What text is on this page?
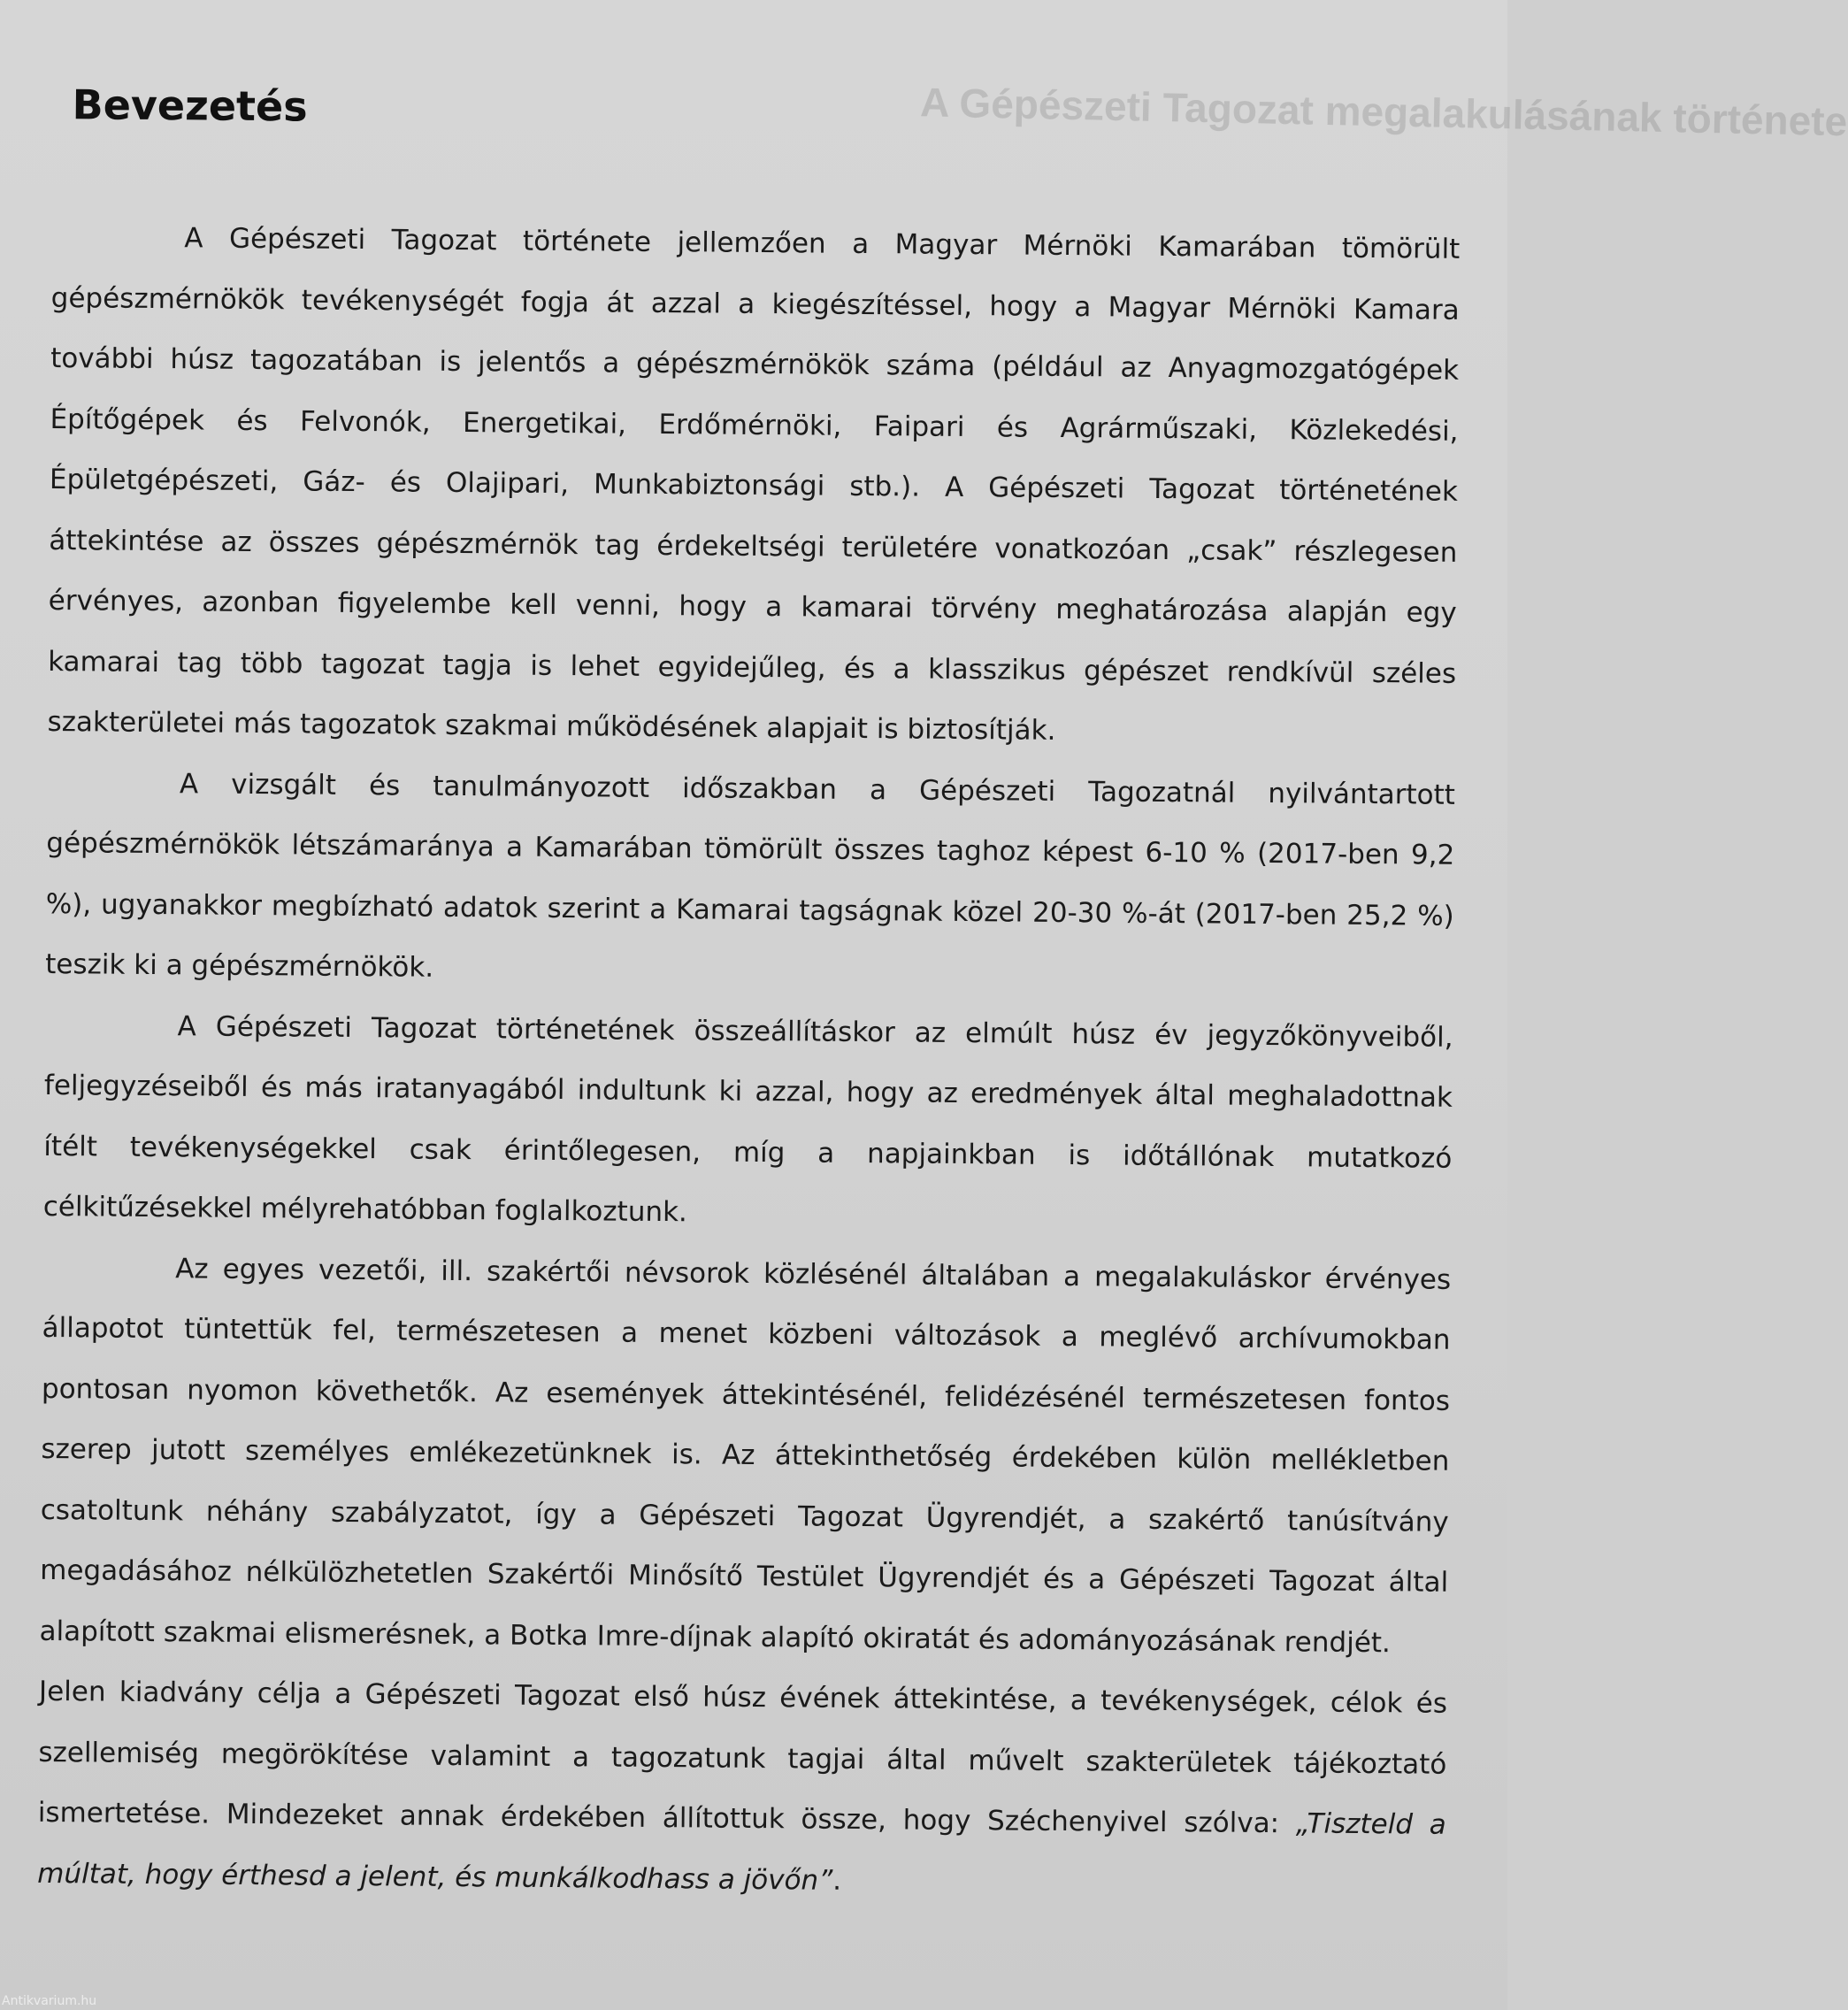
A Gépészeti Tagozat megalakulásának története
Bevezetés

A Gépészeti Tagozat története jellemzően a Magyar Mérnöki Kamarában tömörült gépészmérnökök tevékenységét fogja át azzal a kiegészítéssel, hogy a Magyar Mérnöki Kamara további húsz tagozatában is jelentős a gépészmérnökök száma (például az Anyagmozgatógépek Építőgépek és Felvonók, Energetikai, Erdőmérnöki, Faipari és Agrárműszaki, Közlekedési, Épületgépészeti, Gáz- és Olajipari, Munkabiztonsági stb.). A Gépészeti Tagozat történetének áttekintése az összes gépészmérnök tag érdekeltségi területére vonatkozóan „csak” részlegesen érvényes, azonban figyelembe kell venni, hogy a kamarai törvény meghatározása alapján egy kamarai tag több tagozat tagja is lehet egyidejűleg, és a klasszikus gépészet rendkívül széles szakterületei más tagozatok szakmai működésének alapjait is biztosítják.

A vizsgált és tanulmányozott időszakban a Gépészeti Tagozatnál nyilvántartott gépészmérnökök létszámaránya a Kamarában tömörült összes taghoz képest 6-10 % (2017-ben 9,2 %), ugyanakkor megbízható adatok szerint a Kamarai tagságnak közel 20-30 %-át (2017-ben 25,2 %) teszik ki a gépészmérnökök.

A Gépészeti Tagozat történetének összeállításkor az elmúlt húsz év jegyzőkönyveiből, feljegyzéseiből és más iratanyagából indultunk ki azzal, hogy az eredmények által meghaladottnak ítélt tevékenységekkel csak érintőlegesen, míg a napjainkban is időtállónak mutatkozó célkitűzésekkel mélyrehatóbban foglalkoztunk.

Az egyes vezetői, ill. szakértői névsorok közlésénél általában a megalakuláskor érvényes állapotot tüntettük fel, természetesen a menet közbeni változások a meglévő archívumokban pontosan nyomon követhetők. Az események áttekintésénél, felidézésénél természetesen fontos szerep jutott személyes emlékezetünknek is. Az áttekinthetőség érdekében külön mellékletben csatoltunk néhány szabályzatot, így a Gépészeti Tagozat Ügyrendjét, a szakértő tanúsítvány megadásához nélkülözhetetlen Szakértői Minősítő Testület Ügyrendjét és a Gépészeti Tagozat által alapított szakmai elismerésnek, a Botka Imre-díjnak alapító okiratát és adományozásának rendjét.

Jelen kiadvány célja a Gépészeti Tagozat első húsz évének áttekintése, a tevékenységek, célok és szellemiség megörökítése valamint a tagozatunk tagjai által művelt szakterületek tájékoztató ismertetése. Mindezeket annak érdekében állítottuk össze, hogy Széchenyivel szólva: „Tiszteld a múltat, hogy érthesd a jelent, és munkálkodhass a jövőn”.

Antikvarium.hu
